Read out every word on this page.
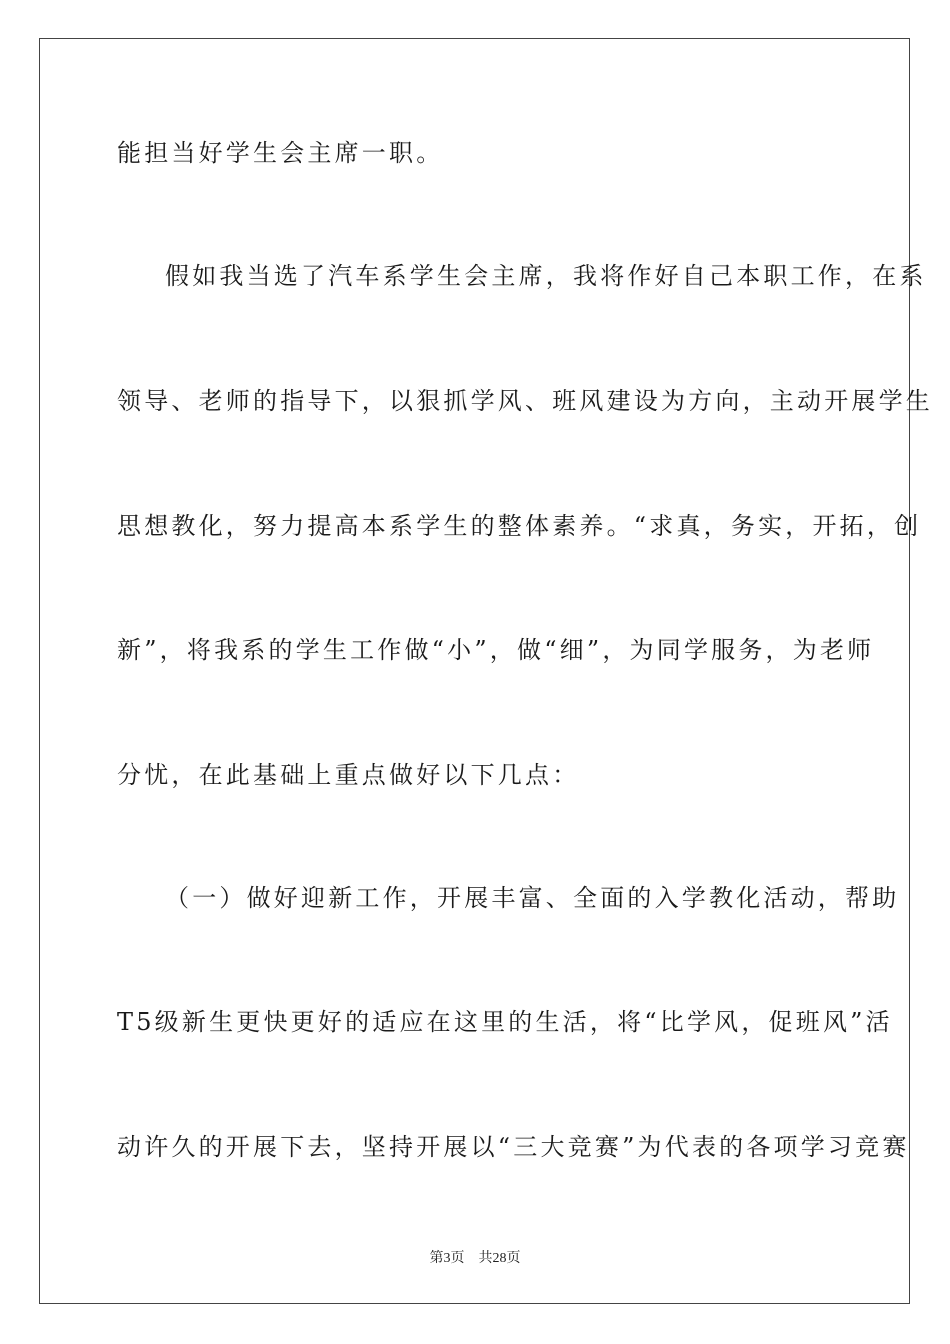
能担当好学生会主席一职。
假如我当选了汽车系学生会主席，我将作好自己本职工作，在系
领导、老师的指导下，以狠抓学风、班风建设为方向，主动开展学生
思想教化，努力提高本系学生的整体素养。“求真，务实，开拓，创
新”，将我系的学生工作做“小”，做“细”，为同学服务，为老师
分忧，在此基础上重点做好以下几点：
（一）做好迎新工作，开展丰富、全面的入学教化活动，帮助
T5级新生更快更好的适应在这里的生活，将“比学风，促班风”活
动许久的开展下去，坚持开展以“三大竞赛”为代表的各项学习竞赛
第3页 共28页
